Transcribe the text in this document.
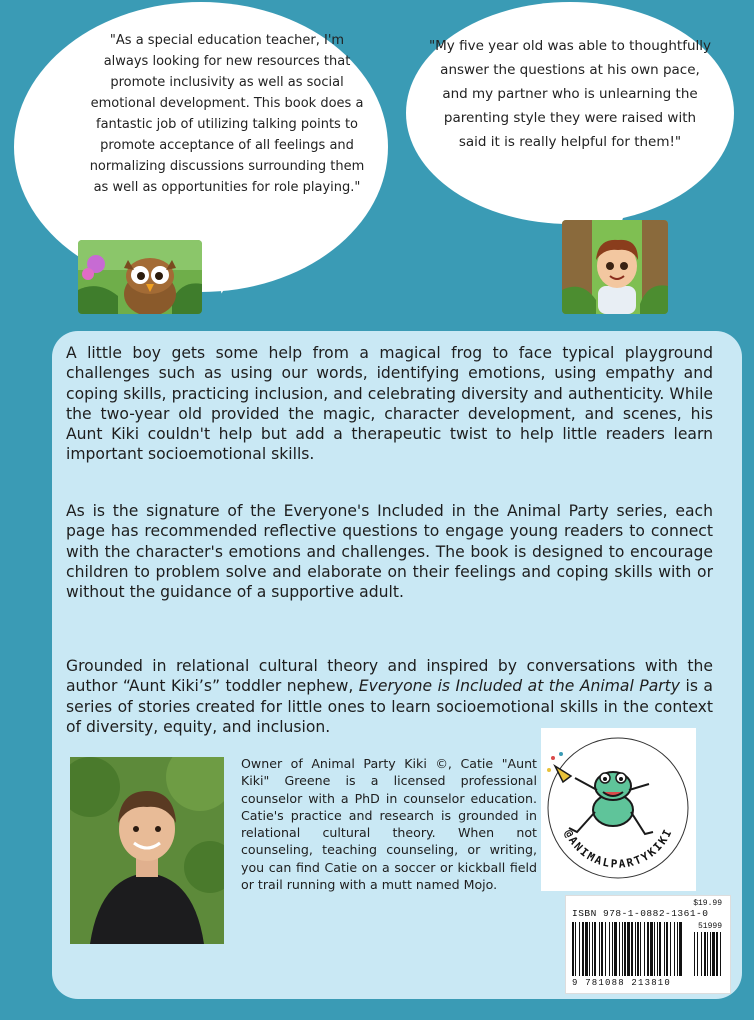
"As a special education teacher, I'm always looking for new resources that promote inclusivity as well as social emotional development. This book does a fantastic job of utilizing talking points to promote acceptance of all feelings and normalizing discussions surrounding them as well as opportunities for role playing."
"My five year old was able to thoughtfully answer the questions at his own pace, and my partner who is unlearning the parenting style they were raised with said it is really helpful for them!"

A little boy gets some help from a magical frog to face typical playground challenges such as using our words, identifying emotions, using empathy and coping skills, practicing inclusion, and celebrating diversity and authenticity. While the two-year old provided the magic, character development, and scenes, his Aunt Kiki couldn't help but add a therapeutic twist to help little readers learn important socioemotional skills.

As is the signature of the Everyone's Included in the Animal Party series, each page has recommended reflective questions to engage young readers to connect with the character's emotions and challenges. The book is designed to encourage children to problem solve and elaborate on their feelings and coping skills with or without the guidance of a supportive adult.

Grounded in relational cultural theory and inspired by conversations with the author “Aunt Kiki’s” toddler nephew, Everyone is Included at the Animal Party is a series of stories created for little ones to learn socioemotional skills in the context of diversity, equity, and inclusion.

Owner of Animal Party Kiki ©, Catie "Aunt Kiki" Greene is a licensed professional counselor with a PhD in counselor education. Catie's practice and research is grounded in relational cultural theory. When not counseling, teaching counseling, or writing, you can find Catie on a soccer or kickball field or trail running with a mutt named Mojo.

@ANIMALPARTYKIKI
$19.99
ISBN 978-1-0882-1361-0
51999
9 781088 213810
